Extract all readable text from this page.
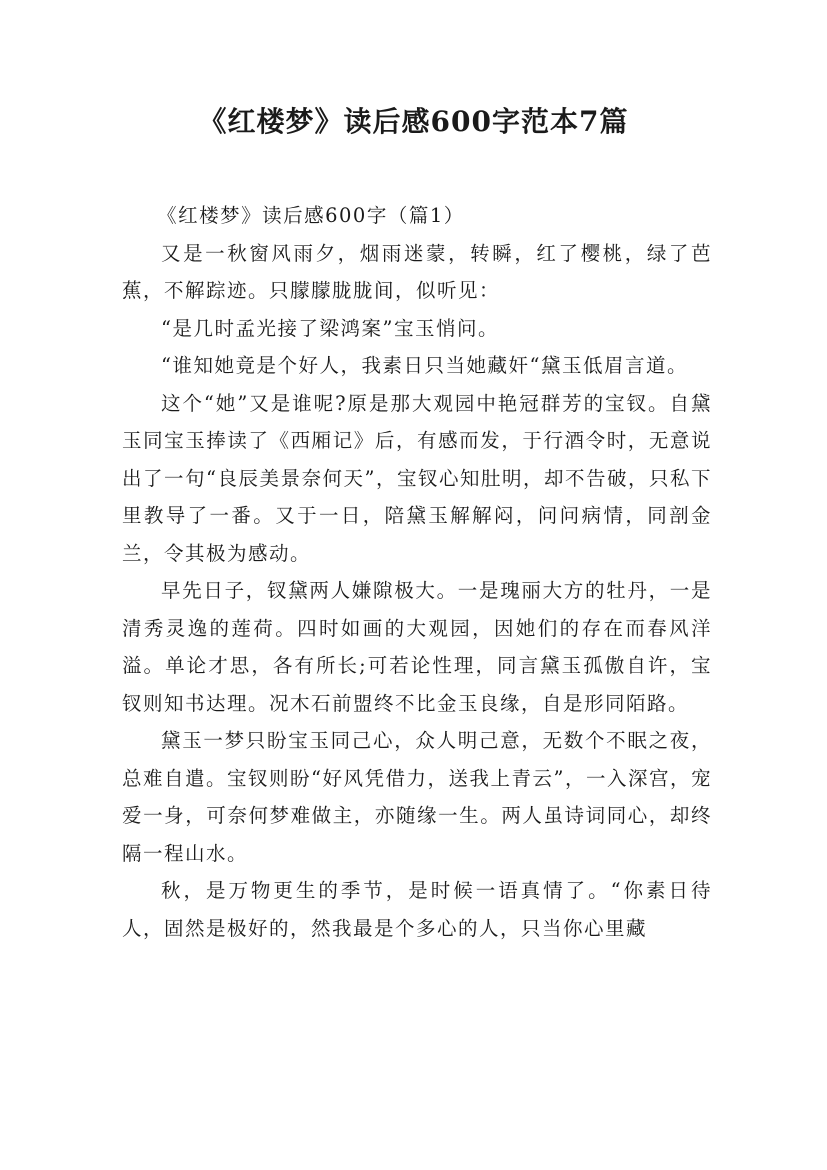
《红楼梦》读后感600字范本7篇

《红楼梦》读后感600字（篇1）

又是一秋窗风雨夕，烟雨迷蒙，转瞬，红了樱桃，绿了芭蕉，不解踪迹。只朦朦胧胧间，似听见：

“是几时孟光接了梁鸿案”宝玉悄问。

“谁知她竟是个好人，我素日只当她藏奸“黛玉低眉言道。

这个“她”又是谁呢?原是那大观园中艳冠群芳的宝钗。自黛玉同宝玉捧读了《西厢记》后，有感而发，于行酒令时，无意说出了一句“良辰美景奈何天”，宝钗心知肚明，却不告破，只私下里教导了一番。又于一日，陪黛玉解解闷，问问病情，同剖金兰，令其极为感动。

早先日子，钗黛两人嫌隙极大。一是瑰丽大方的牡丹，一是清秀灵逸的莲荷。四时如画的大观园，因她们的存在而春风洋溢。单论才思，各有所长;可若论性理，同言黛玉孤傲自许，宝钗则知书达理。况木石前盟终不比金玉良缘，自是形同陌路。

黛玉一梦只盼宝玉同己心，众人明己意，无数个不眠之夜，总难自遣。宝钗则盼“好风凭借力，送我上青云”，一入深宫，宠爱一身，可奈何梦难做主，亦随缘一生。两人虽诗词同心，却终隔一程山水。

秋，是万物更生的季节，是时候一语真情了。“你素日待人，固然是极好的，然我最是个多心的人，只当你心里藏
